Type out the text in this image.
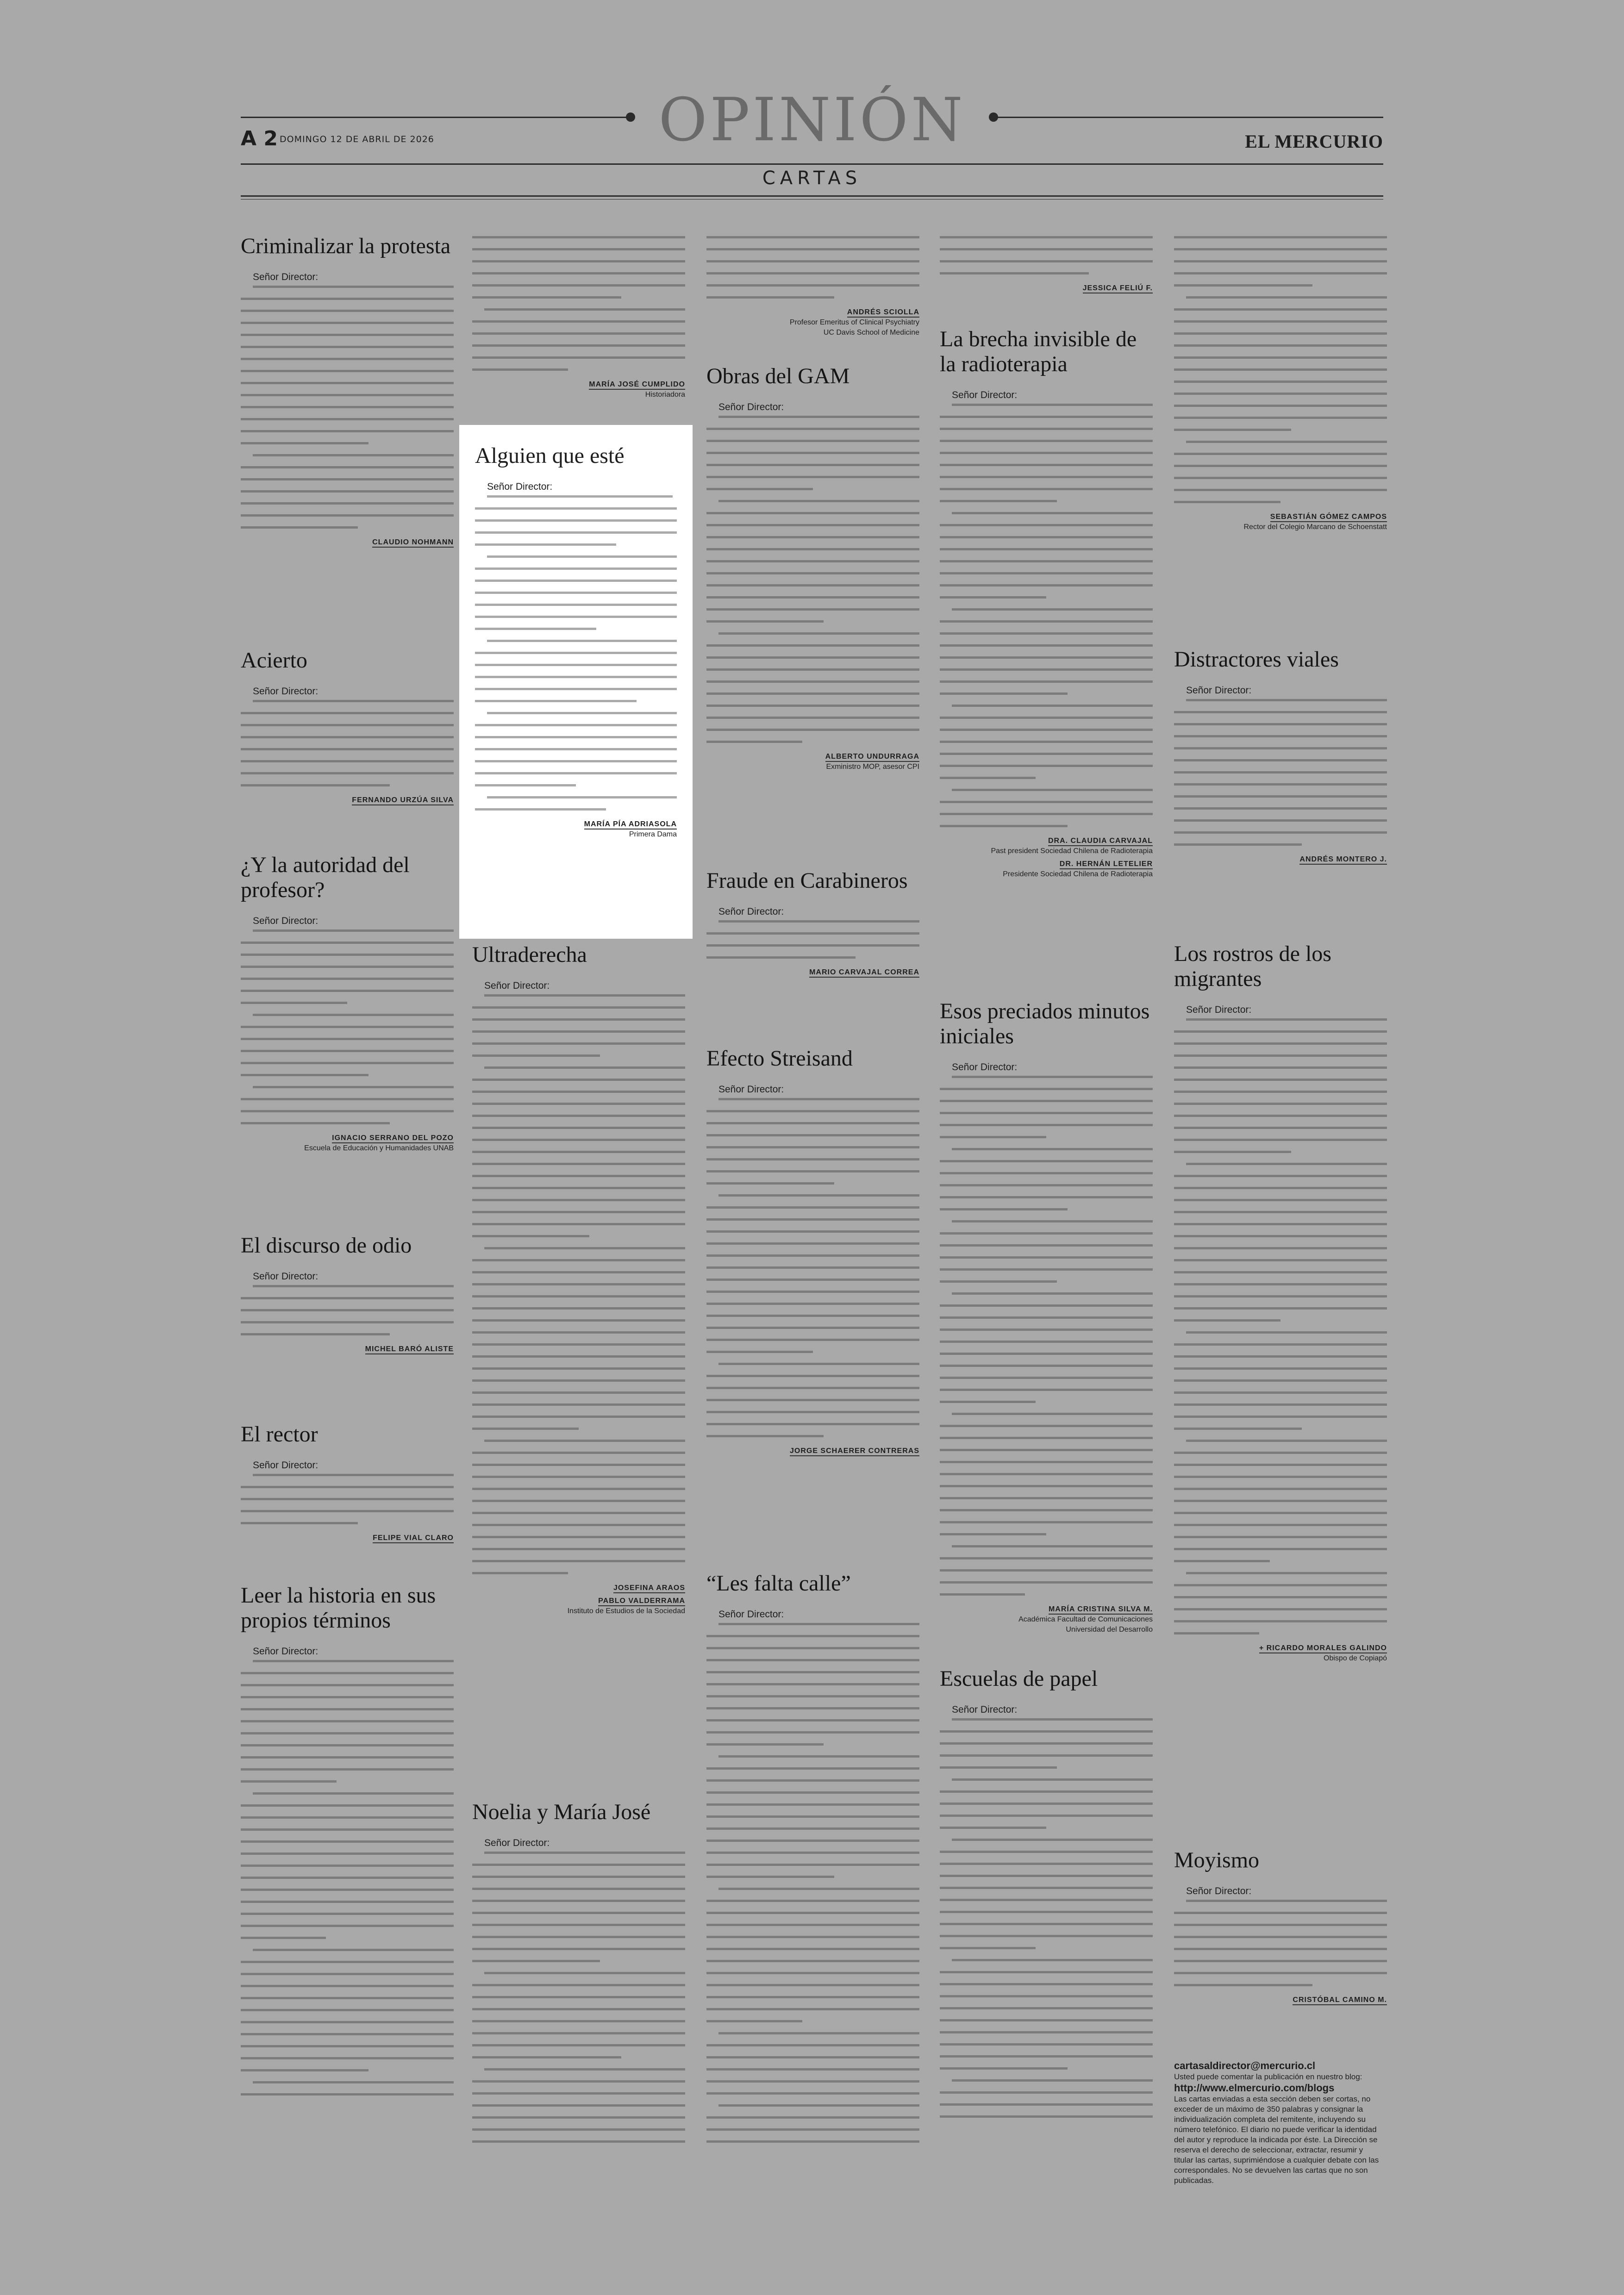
OPINIÓN
A 2 DOMINGO 12 DE ABRIL DE 2026	EL MERCURIO
CARTAS
Alguien que esté
Señor Director:
MARÍA PÍA ADRIASOLA
Primera Dama
Criminalizar la protesta
Señor Director:
CLAUDIO NOHMANN
Acierto
Señor Director:
FERNANDO URZÚA SILVA
¿Y la autoridad del profesor?
Señor Director:
IGNACIO SERRANO DEL POZO
Escuela de Educación y Humanidades UNAB
El discurso de odio
Señor Director:
MICHEL BARÓ ALISTE
El rector
Señor Director:
FELIPE VIAL CLARO
Leer la historia en sus propios términos
Señor Director:
MARÍA JOSÉ CUMPLIDO
Historiadora
Ultraderecha
Señor Director:
JOSEFINA ARAOS
PABLO VALDERRAMA
Instituto de Estudios de la Sociedad
Noelia y María José
Señor Director:
ANDRÉS SCIOLLA
Profesor Emeritus of Clinical Psychiatry
UC Davis School of Medicine
Obras del GAM
Señor Director:
ALBERTO UNDURRAGA
Exministro MOP, asesor CPI
Fraude en Carabineros
Señor Director:
MARIO CARVAJAL CORREA
Efecto Streisand
Señor Director:
JORGE SCHAERER CONTRERAS
“Les falta calle”
Señor Director:
JESSICA FELIÚ F.
La brecha invisible de la radioterapia
Señor Director:
DRA. CLAUDIA CARVAJAL
Past president Sociedad Chilena de Radioterapia
DR. HERNÁN LETELIER
Presidente Sociedad Chilena de Radioterapia
Esos preciados minutos iniciales
Señor Director:
MARÍA CRISTINA SILVA M.
Académica Facultad de Comunicaciones
Universidad del Desarrollo
Escuelas de papel
Señor Director:
SEBASTIÁN GÓMEZ CAMPOS
Rector del Colegio Marcano de Schoenstatt
Distractores viales
Señor Director:
ANDRÉS MONTERO J.
Los rostros de los migrantes
Señor Director:
+ RICARDO MORALES GALINDO
Obispo de Copiapó
Moyismo
Señor Director:
CRISTÓBAL CAMINO M.
cartasaldirector@mercurio.cl
Usted puede comentar la publicación en nuestro blog:
http://www.elmercurio.com/blogs
Las cartas enviadas a esta sección deben ser cortas, no exceder de un máximo de 350 palabras y consignar la individualización completa del remitente, incluyendo su número telefónico. El diario no puede verificar la identidad del autor y reproduce la indicada por éste. La Dirección se reserva el derecho de seleccionar, extractar, resumir y titular las cartas, suprimiéndose a cualquier debate con las correspondales. No se devuelven las cartas que no son publicadas.
